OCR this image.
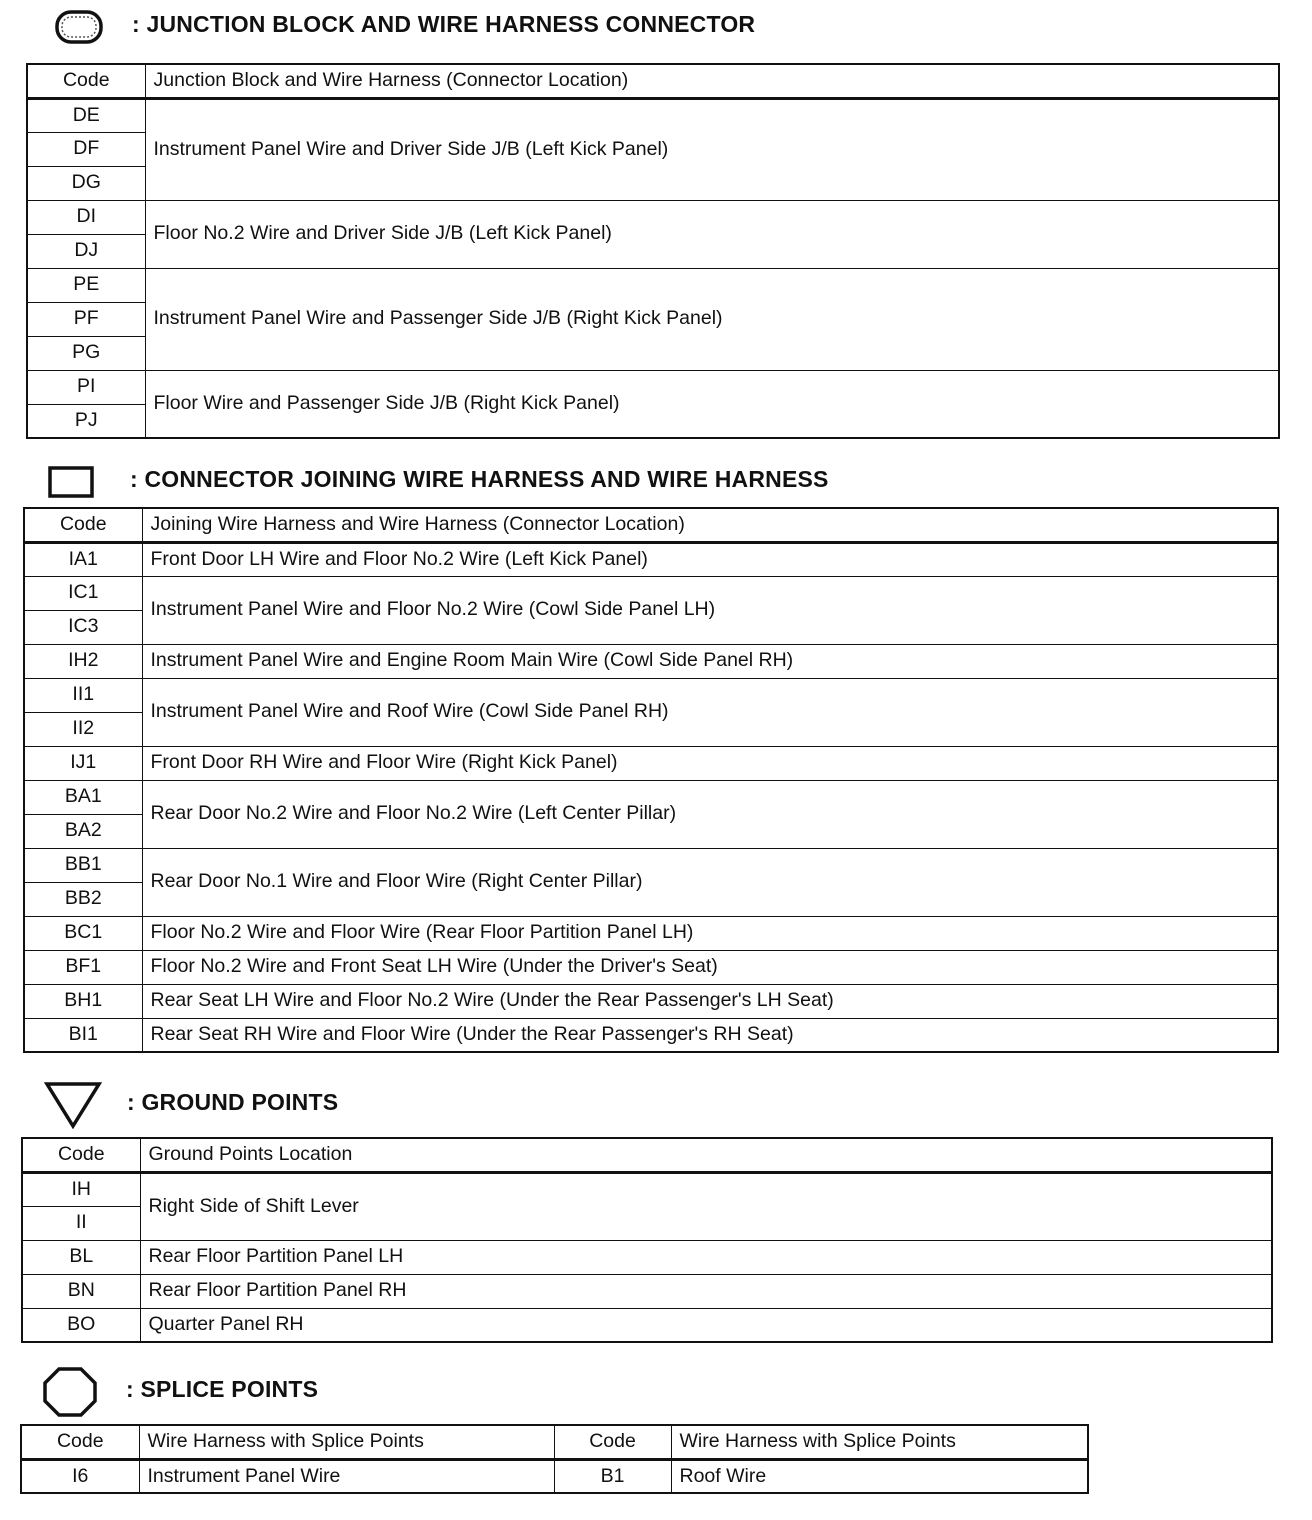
: JUNCTION BLOCK AND WIRE HARNESS CONNECTOR
Code	Junction Block and Wire Harness (Connector Location)
DE	Instrument Panel Wire and Driver Side J/B (Left Kick Panel)
DF	
DG	
DI	Floor No.2 Wire and Driver Side J/B (Left Kick Panel)
DJ	
PE	Instrument Panel Wire and Passenger Side J/B (Right Kick Panel)
PF	
PG	
PI	Floor Wire and Passenger Side J/B (Right Kick Panel)
PJ	
: CONNECTOR JOINING WIRE HARNESS AND WIRE HARNESS
Code	Joining Wire Harness and Wire Harness (Connector Location)
IA1	Front Door LH Wire and Floor No.2 Wire (Left Kick Panel)
IC1	Instrument Panel Wire and Floor No.2 Wire (Cowl Side Panel LH)
IC3	
IH2	Instrument Panel Wire and Engine Room Main Wire (Cowl Side Panel RH)
II1	Instrument Panel Wire and Roof Wire (Cowl Side Panel RH)
II2	
IJ1	Front Door RH Wire and Floor Wire (Right Kick Panel)
BA1	Rear Door No.2 Wire and Floor No.2 Wire (Left Center Pillar)
BA2	
BB1	Rear Door No.1 Wire and Floor Wire (Right Center Pillar)
BB2	
BC1	Floor No.2 Wire and Floor Wire (Rear Floor Partition Panel LH)
BF1	Floor No.2 Wire and Front Seat LH Wire (Under the Driver's Seat)
BH1	Rear Seat LH Wire and Floor No.2 Wire (Under the Rear Passenger's LH Seat)
BI1	Rear Seat RH Wire and Floor Wire (Under the Rear Passenger's RH Seat)
: GROUND POINTS
Code	Ground Points Location
IH	Right Side of Shift Lever
II	
BL	Rear Floor Partition Panel LH
BN	Rear Floor Partition Panel RH
BO	Quarter Panel RH
: SPLICE POINTS
Code	Wire Harness with Splice Points	Code	Wire Harness with Splice Points
I6	Instrument Panel Wire	B1	Roof Wire
